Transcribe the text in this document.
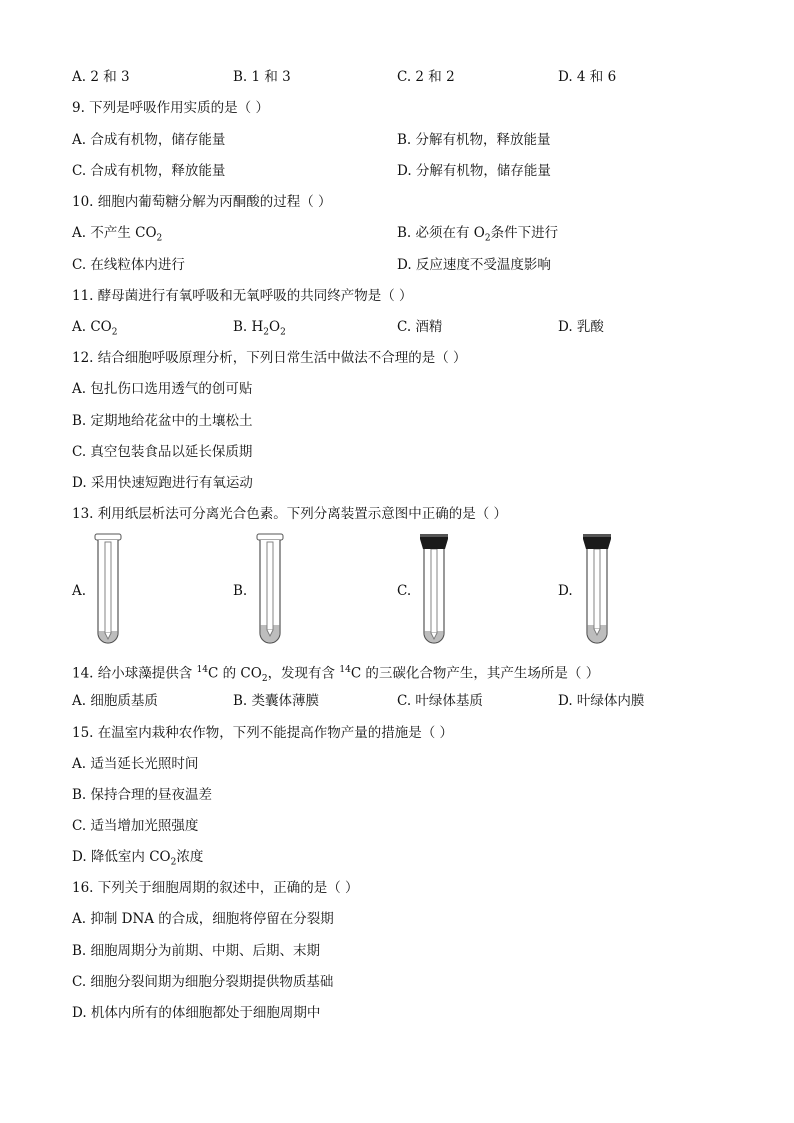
A. 2 和 3	B. 1 和 3	C. 2 和 2	D. 4 和 6
9. 下列是呼吸作用实质的是（ ）
A. 合成有机物，储存能量	B. 分解有机物，释放能量
C. 合成有机物，释放能量	D. 分解有机物，储存能量
10. 细胞内葡萄糖分解为丙酮酸的过程（ ）
A. 不产生 $CO_2$	B. 必须在有 $O_2$条件下进行
C. 在线粒体内进行	D. 反应速度不受温度影响
11. 酵母菌进行有氧呼吸和无氧呼吸的共同终产物是（ ）
A. $CO_2$	B. $H_2O_2$	C. 酒精	D. 乳酸
12. 结合细胞呼吸原理分析，下列日常生活中做法不合理的是（ ）
A. 包扎伤口选用透气的创可贴
B. 定期地给花盆中的土壤松土
C. 真空包装食品以延长保质期
D. 采用快速短跑进行有氧运动
13. 利用纸层析法可分离光合色素。下列分离装置示意图中正确的是（ ）
A.	B.	C.	D.
14. 给小球藻提供含 $^{14}$C 的 $CO_2$，发现有含 $^{14}$C 的三碳化合物产生，其产生场所是（ ）
A. 细胞质基质	B. 类囊体薄膜	C. 叶绿体基质	D. 叶绿体内膜
15. 在温室内栽种农作物，下列不能提高作物产量的措施是（ ）
A. 适当延长光照时间
B. 保持合理的昼夜温差
C. 适当增加光照强度
D. 降低室内 $CO_2$浓度
16. 下列关于细胞周期的叙述中，正确的是（ ）
A. 抑制 DNA 的合成，细胞将停留在分裂期
B. 细胞周期分为前期、中期、后期、末期
C. 细胞分裂间期为细胞分裂期提供物质基础
D. 机体内所有的体细胞都处于细胞周期中
